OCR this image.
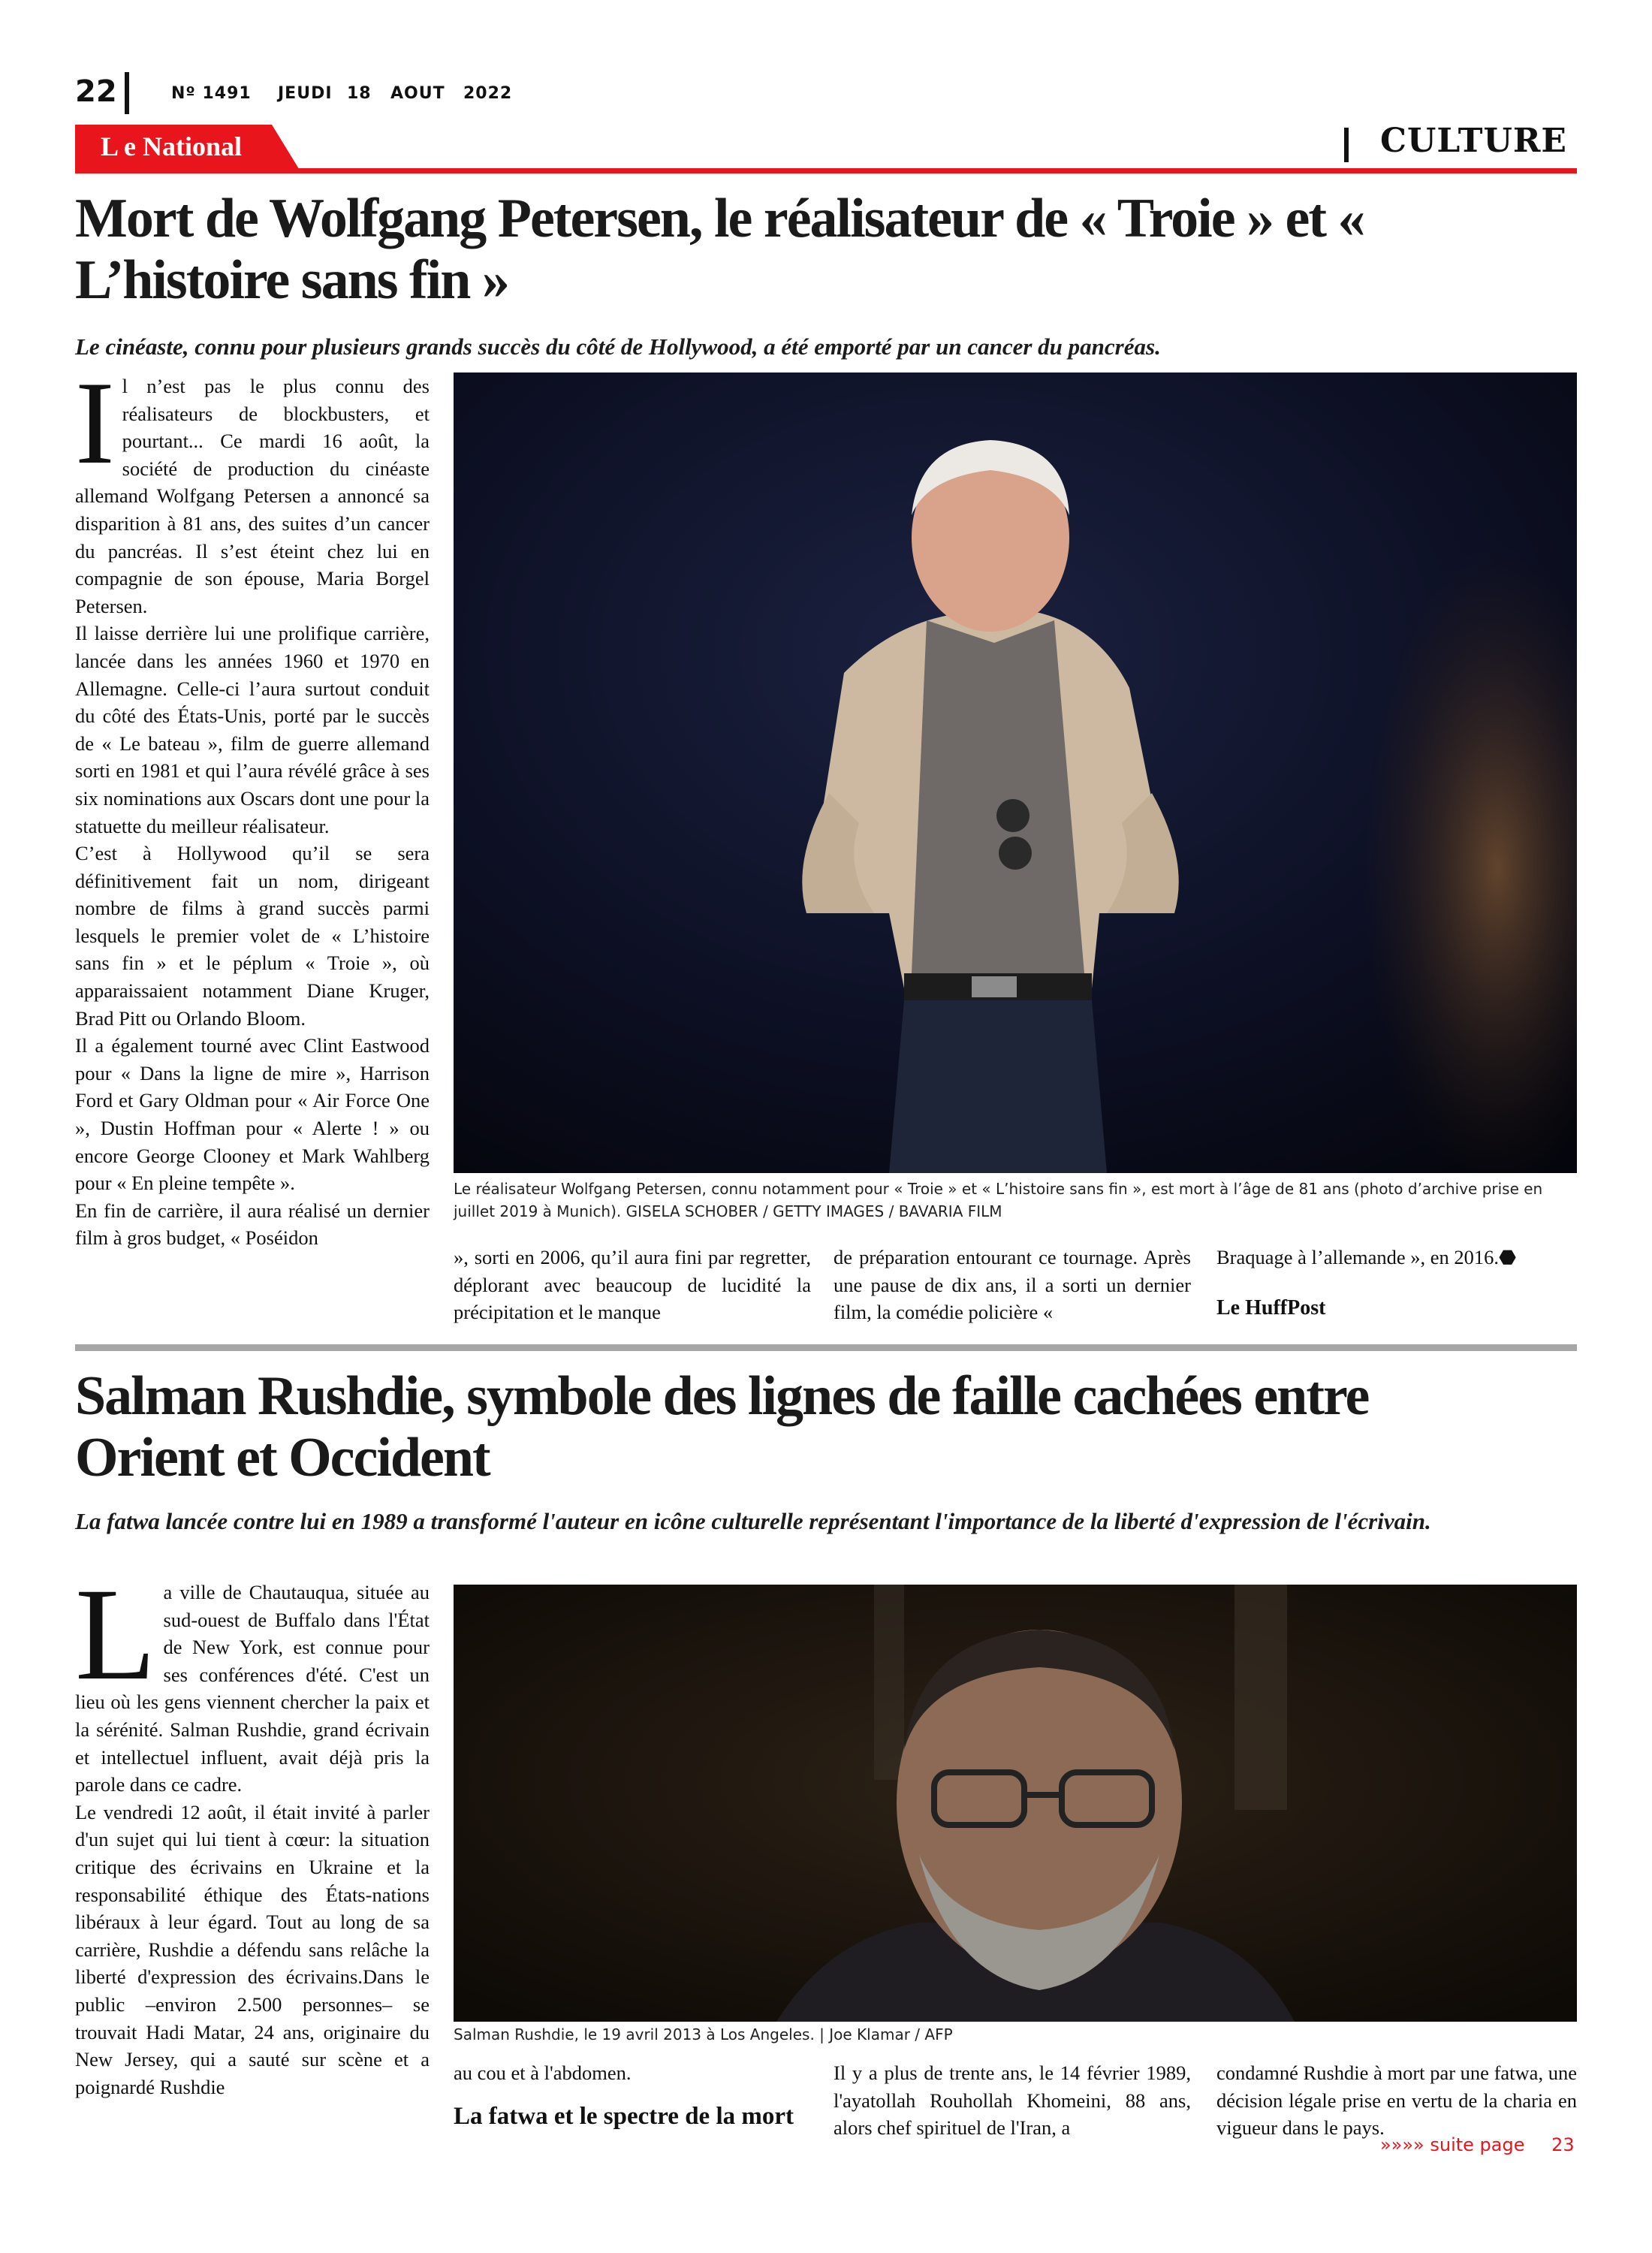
22	Nº 1491 JEUDI 18 AOUT 2022
L e National	CULTURE
Mort de Wolfgang Petersen, le réalisateur de « Troie » et «
L’histoire sans fin »
Le cinéaste, connu pour plusieurs grands succès du côté de Hollywood, a été emporté par un cancer du pancréas.
I l n’est pas le plus connu des réalisateurs de blockbusters, et pourtant... Ce mardi 16 août, la société de production du cinéaste allemand Wolfgang Petersen a annoncé sa disparition à 81 ans, des suites d’un cancer du pancréas. Il s’est éteint chez lui en compagnie de son épouse, Maria Borgel Petersen.

Il laisse derrière lui une prolifique carrière, lancée dans les années 1960 et 1970 en Allemagne. Celle-ci l’aura surtout conduit du côté des États-Unis, porté par le succès de « Le bateau », film de guerre allemand sorti en 1981 et qui l’aura révélé grâce à ses six nominations aux Oscars dont une pour la statuette du meilleur réalisateur.

C’est à Hollywood qu’il se sera définitivement fait un nom, dirigeant nombre de films à grand succès parmi lesquels le premier volet de « L’histoire sans fin » et le péplum « Troie », où apparaissaient notamment Diane Kruger, Brad Pitt ou Orlando Bloom.

Il a également tourné avec Clint Eastwood pour « Dans la ligne de mire », Harrison Ford et Gary Oldman pour « Air Force One », Dustin Hoffman pour « Alerte ! » ou encore George Clooney et Mark Wahlberg pour « En pleine tempête ».

En fin de carrière, il aura réalisé un dernier film à gros budget, « Poséidon

Le réalisateur Wolfgang Petersen, connu notamment pour « Troie » et « L’histoire sans fin », est mort à l’âge de 81 ans (photo d’archive prise en juillet 2019 à Munich). GISELA SCHOBER / GETTY IMAGES / BAVARIA FILM

», sorti en 2006, qu’il aura fini par regretter, déplorant avec beaucoup de lucidité la précipitation et le manque

de préparation entourant ce tournage. Après une pause de dix ans, il a sorti un dernier film, la comédie policière «

Braquage à l’allemande », en 2016.⬣
Le HuffPost
Salman Rushdie, symbole des lignes de faille cachées entre
Orient et Occident
La fatwa lancée contre lui en 1989 a transformé l'auteur en icône culturelle représentant l'importance de la liberté d'expression de l'écrivain.
L a ville de Chautauqua, située au sud-ouest de Buffalo dans l'État de New York, est connue pour ses conférences d'été. C'est un lieu où les gens viennent chercher la paix et la sérénité. Salman Rushdie, grand écrivain et intellectuel influent, avait déjà pris la parole dans ce cadre.

Le vendredi 12 août, il était invité à parler d'un sujet qui lui tient à cœur: la situation critique des écrivains en Ukraine et la responsabilité éthique des États-nations libéraux à leur égard. Tout au long de sa carrière, Rushdie a défendu sans relâche la liberté d'expression des écrivains.Dans le public –environ 2.500 personnes– se trouvait Hadi Matar, 24 ans, originaire du New Jersey, qui a sauté sur scène et a poignardé Rushdie

Salman Rushdie, le 19 avril 2013 à Los Angeles. | Joe Klamar / AFP

au cou et à l'abdomen.

La fatwa et le spectre de la mort

Il y a plus de trente ans, le 14 février 1989, l'ayatollah Rouhollah Khomeini, 88 ans, alors chef spirituel de l'Iran, a

condamné Rushdie à mort par une fatwa, une décision légale prise en vertu de la charia en vigueur dans le pays.

»»»» suite page 23
